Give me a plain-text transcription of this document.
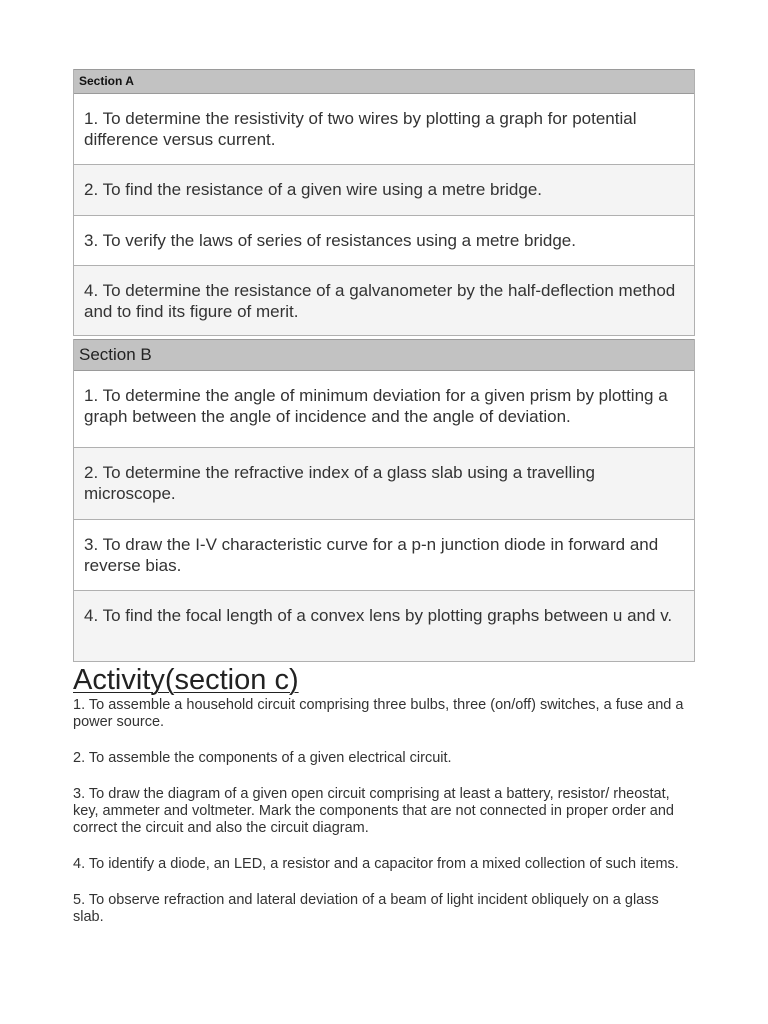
Section A
1. To determine the resistivity of two wires by plotting a graph for potential difference versus current.
2. To find the resistance of a given wire using a metre bridge.
3. To verify the laws of series of resistances using a metre bridge.
4. To determine the resistance of a galvanometer by the half-deflection method and to find its figure of merit.
Section B
1. To determine the angle of minimum deviation for a given prism by plotting a graph between the angle of incidence and the angle of deviation.
2. To determine the refractive index of a glass slab using a travelling microscope.
3. To draw the I-V characteristic curve for a p-n junction diode in forward and reverse bias.
4. To find the focal length of a convex lens by plotting graphs between u and v.
Activity(section c)

1. To assemble a household circuit comprising three bulbs, three (on/off) switches, a fuse and a power source.

2. To assemble the components of a given electrical circuit.

3. To draw the diagram of a given open circuit comprising at least a battery, resistor/ rheostat, key, ammeter and voltmeter. Mark the components that are not connected in proper order and correct the circuit and also the circuit diagram.

4. To identify a diode, an LED, a resistor and a capacitor from a mixed collection of such items.

5. To observe refraction and lateral deviation of a beam of light incident obliquely on a glass slab.
